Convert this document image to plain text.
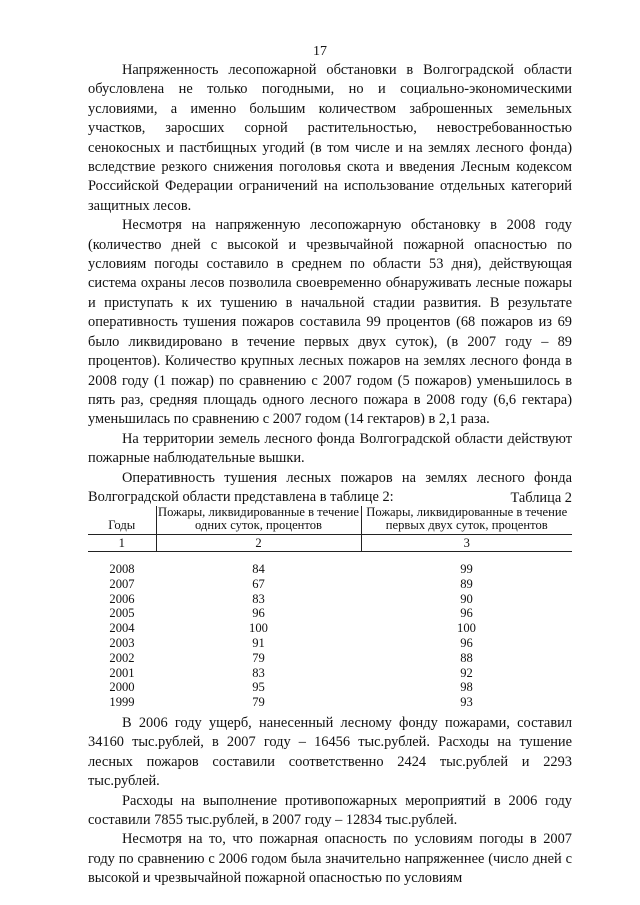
17

Напряженность лесопожарной обстановки в Волгоградской области обусловлена не только погодными, но и социально-экономическими условиями, а именно большим количеством заброшенных земельных участков, заросших сорной растительностью, невостребованностью сенокосных и пастбищных угодий (в том числе и на землях лесного фонда) вследствие резкого снижения поголовья скота и введения Лесным кодексом Российской Федерации ограничений на использование отдельных категорий защитных лесов.

Несмотря на напряженную лесопожарную обстановку в 2008 году (количество дней с высокой и чрезвычайной пожарной опасностью по условиям погоды составило в среднем по области 53 дня), действующая система охраны лесов позволила своевременно обнаруживать лесные пожары и приступать к их тушению в начальной стадии развития. В результате оперативность тушения пожаров составила 99 процентов (68 пожаров из 69 было ликвидировано в течение первых двух суток), (в 2007 году – 89 процентов). Количество крупных лесных пожаров на землях лесного фонда в 2008 году (1 пожар) по сравнению с 2007 годом (5 пожаров) уменьшилось в пять раз, средняя площадь одного лесного пожара в 2008 году (6,6 гектара) уменьшилась по сравнению с 2007 годом (14 гектаров) в 2,1 раза.

На территории земель лесного фонда Волгоградской области действуют пожарные наблюдательные вышки.

Оперативность тушения лесных пожаров на землях лесного фонда Волгоградской области представлена в таблице 2:	Таблица 2
Годы	Пожары, ликвидированные в течение одних суток, процентов	Пожары, ликвидированные в течение первых двух суток, процентов
1	2	3
2008	84	99
2007	67	89
2006	83	90
2005	96	96
2004	100	100
2003	91	96
2002	79	88
2001	83	92
2000	95	98
1999	79	93

В 2006 году ущерб, нанесенный лесному фонду пожарами, составил 34160 тыс.рублей, в 2007 году – 16456 тыс.рублей. Расходы на тушение лесных пожаров составили соответственно 2424 тыс.рублей и 2293 тыс.рублей.

Расходы на выполнение противопожарных мероприятий в 2006 году составили 7855 тыс.рублей, в 2007 году – 12834 тыс.рублей.

Несмотря на то, что пожарная опасность по условиям погоды в 2007 году по сравнению с 2006 годом была значительно напряженнее (число дней с высокой и чрезвычайной пожарной опасностью по условиям
